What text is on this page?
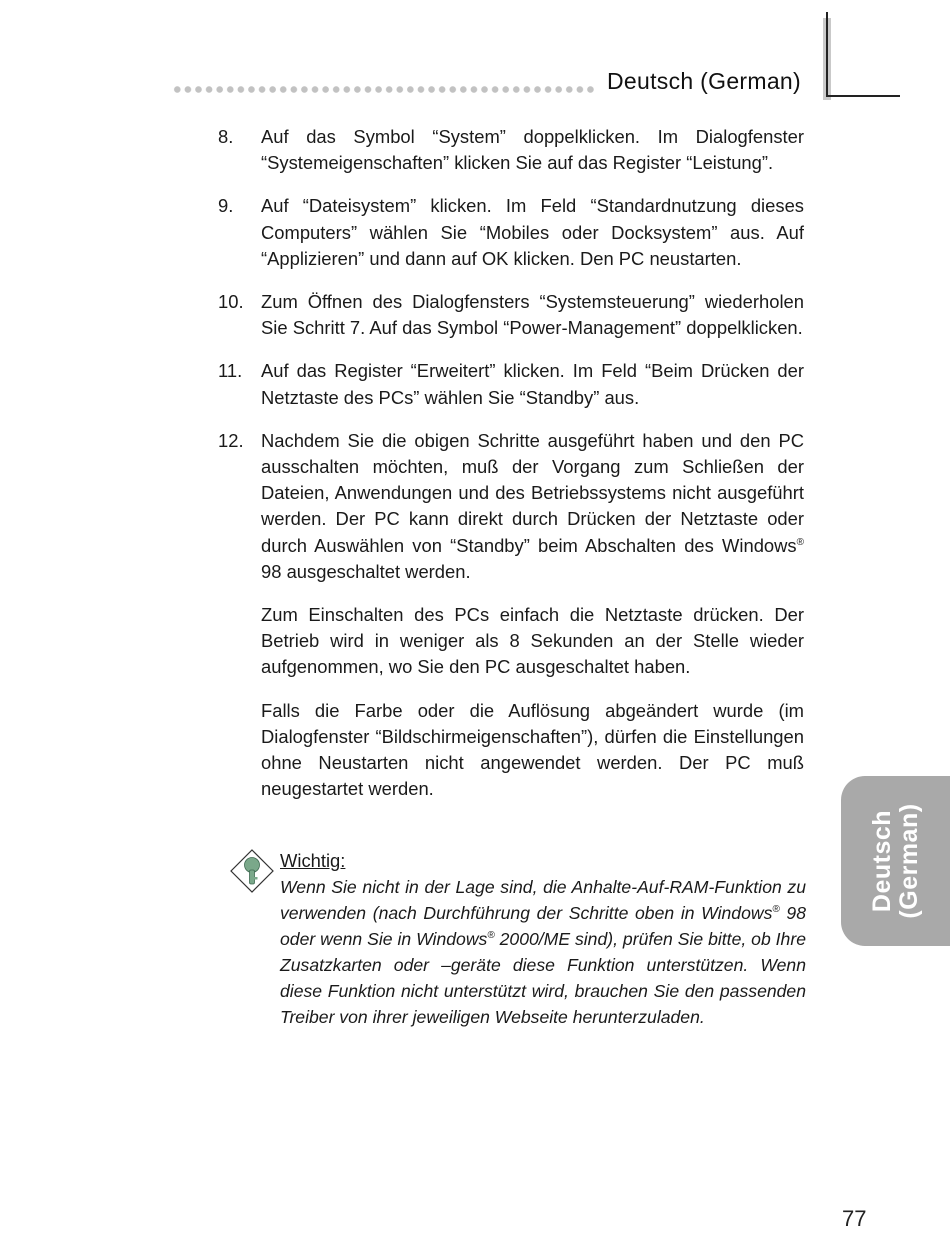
Deutsch (German)
Deutsch (German)
8.	Auf das Symbol “System” doppelklicken. Im Dialogfenster “Systemeigenschaften” klicken Sie auf das Register “Leistung”.

9.	Auf “Dateisystem” klicken. Im Feld “Standardnutzung dieses Computers” wählen Sie “Mobiles oder Docksystem” aus. Auf “Applizieren” und dann auf OK klicken. Den PC neustarten.

10. Zum Öffnen des Dialogfensters “Systemsteuerung” wiederholen Sie Schritt 7. Auf das Symbol “Power-Management” doppelklicken.

11.	Auf das Register “Erweitert” klicken. Im Feld “Beim Drücken der Netztaste des PCs” wählen Sie “Standby” aus.

12. Nachdem Sie die obigen Schritte ausgeführt haben und den PC ausschalten möchten, muß der Vorgang zum Schließen der Dateien, Anwendungen und des Betriebssystems nicht ausgeführt werden. Der PC kann direkt durch Drücken der Netztaste oder durch Auswählen von “Standby” beim Abschalten des Windows® 98 ausgeschaltet werden.

Zum Einschalten des PCs einfach die Netztaste drücken. Der Betrieb wird in weniger als 8 Sekunden an der Stelle wieder aufgenommen, wo Sie den PC ausgeschaltet haben.

Falls die Farbe oder die Auflösung abgeändert wurde (im Dialogfenster “Bildschirmeigenschaften”), dürfen die Einstellungen ohne Neustarten nicht angewendet werden. Der PC muß neugestartet werden.

Wichtig:

Wenn Sie nicht in der Lage sind, die Anhalte-Auf-RAM-Funktion zu verwenden (nach Durchführung der Schritte oben in Windows® 98 oder wenn Sie in Windows® 2000/ME sind), prüfen Sie bitte, ob Ihre Zusatzkarten oder –geräte diese Funktion unterstützen. Wenn diese Funktion nicht unterstützt wird, brauchen Sie den passenden Treiber von ihrer jeweiligen Webseite herunterzuladen.

77
